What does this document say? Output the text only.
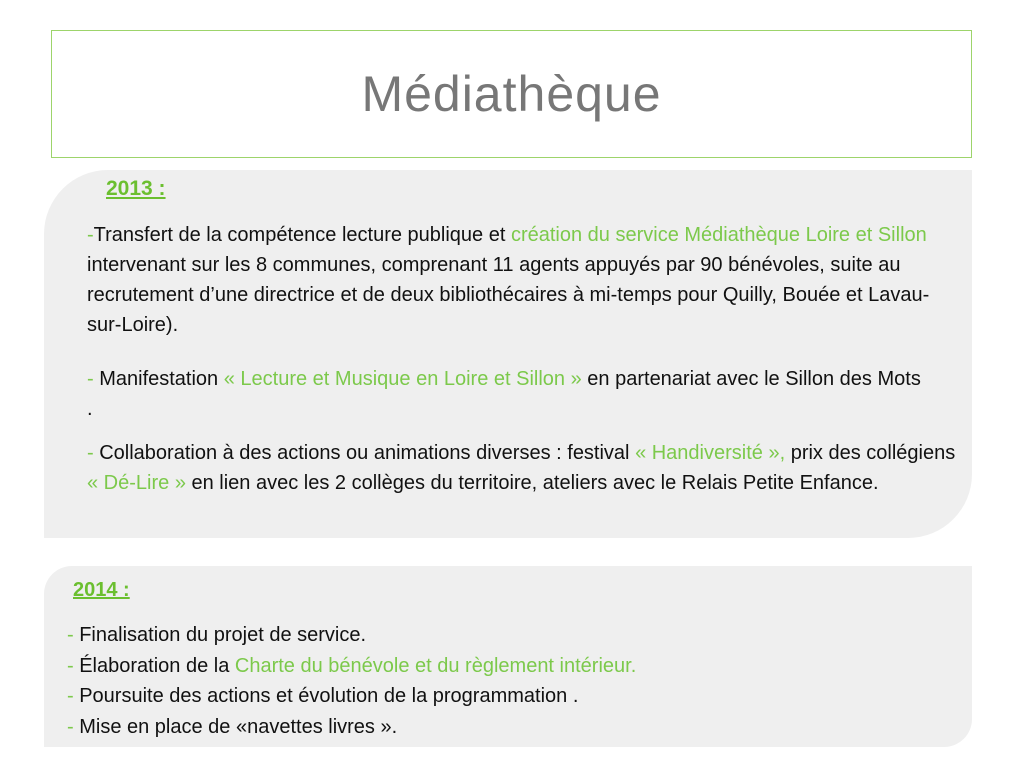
Médiathèque
2013 :

-Transfert de la compétence lecture publique et création du service Médiathèque Loire et Sillon intervenant sur les 8 communes, comprenant 11 agents appuyés par 90 bénévoles, suite au recrutement d’une directrice et de deux bibliothécaires à mi-temps pour Quilly, Bouée et Lavau-sur-Loire).

- Manifestation « Lecture et Musique en Loire et Sillon » en partenariat avec le Sillon des Mots .

- Collaboration à des actions ou animations diverses : festival « Handiversité », prix des collégiens « Dé-Lire » en lien avec les 2 collèges du territoire, ateliers avec le Relais Petite Enfance.

2014 :
- Finalisation du projet de service.
- Élaboration de la Charte du bénévole et du règlement intérieur.
- Poursuite des actions et évolution de la programmation .
- Mise en place de «navettes livres ».
